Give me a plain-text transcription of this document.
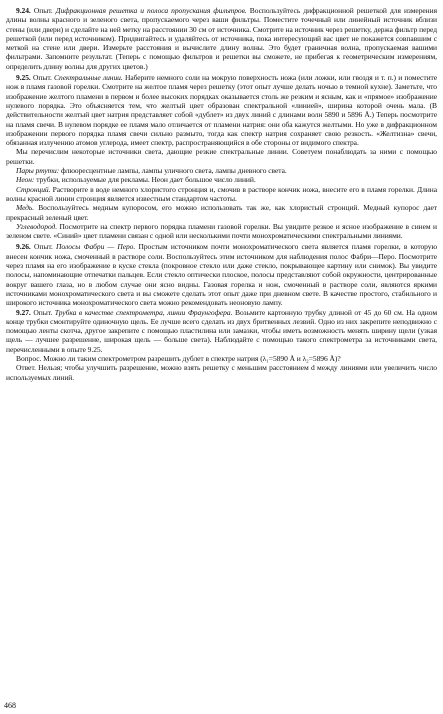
9.24. Опыт. Дифракционная решетка и полоса пропускания фильтров. Воспользуйтесь дифракционной решеткой для измерения длины волны красного и зеленого света, пропускаемого через ваши фильтры. Поместите точечный или линейный источник вблизи стены (или двери) и сделайте на ней метку на расстоянии 30 см от источника. Смотрите на источник через решетку, держа фильтр перед решеткой (или перед источником). Придвигайтесь и удаляйтесь от источника, пока интересующий вас цвет не покажется совпавшим с меткой на стене или двери. Измерьте расстояния и вычислите длину волны. Это будет граничная волна, пропускаемая вашими фильтрами. Запомните результат. (Теперь с помощью фильтров и решетки вы сможете, не прибегая к геометрическим измерениям, определить длину волны для других цветов.)

9.25. Опыт. Спектральные линии. Наберите немного соли на мокрую поверхность ножа (или ложки, или гвоздя и т. п.) и поместите нож в пламя газовой горелки. Смотрите на желтое пламя через решетку (этот опыт лучше делать ночью в темной кухне). Заметьте, что изображение желтого пламени в первом и более высоких порядках оказывается столь же резким и ясным, как и «прямое» изображение нулевого порядка. Это объясняется тем, что желтый цвет образован спектральной «линией», ширина которой очень мала. (В действительности желтый цвет натрия представляет собой «дублет» из двух линий с длинами волн 5890 и 5896 Å.) Теперь посмотрите на пламя свечи. В нулевом порядке ее пламя мало отличается от пламени натрия: они оба кажутся желтыми. Но уже в дифракционном изображении первого порядка пламя свечи сильно размыто, тогда как спектр натрия сохраняет свою резкость. «Желтизна» свечи, обязанная излучению атомов углерода, имеет спектр, распространяющийся в обе стороны от видимого спектра.

Мы перечислим некоторые источники света, дающие резкие спектральные линии. Советуем понаблюдать за ними с помощью решетки.

Пары ртути: флюоресцентные лампы, лампы уличного света, лампы дневного света.

Неон: трубки, используемые для рекламы. Неон дает большое число линий.

Стронций. Растворите в воде немного хлористого стронция и, смочив в растворе кончик ножа, внесите его в пламя горелки. Длина волны красной линии стронция является известным стандартом частоты.

Медь. Воспользуйтесь медным купоросом, его можно использовать так же, как хлористый стронций. Медный купорос дает прекрасный зеленый цвет.

Углеводород. Посмотрите на спектр первого порядка пламени газовой горелки. Вы увидите резкое и ясное изображение в синем и зеленом свете. «Синий» цвет пламени связан с одной или несколькими почти монохроматическими спектральными линиями.

9.26. Опыт. Полосы Фабри — Перо. Простым источником почти монохроматического света является пламя горелки, в которую внесен кончик ножа, смоченный в растворе соли. Воспользуйтесь этим источником для наблюдения полос Фабри—Перо. Посмотрите через пламя на его изображение в куске стекла (покровное стекло или даже стекло, покрывающее картину или снимок). Вы увидите полосы, напоминающие отпечатки пальцев. Если стекло оптически плоское, полосы представляют собой окружности, центрированные вокруг вашего глаза, но в любом случае они ясно видны. Газовая горелка и нож, смоченный в растворе соли, являются яркими источниками монохроматического света и вы сможете сделать этот опыт даже при дневном свете. В качестве простого, стабильного и широкого источника монохроматического света можно рекомендовать неоновую лампу.

9.27. Опыт. Трубка в качестве спектрометра, линии Фраунгофера. Возьмите картонную трубку длиной от 45 до 60 см. На одном конце трубки смонтируйте одиночную щель. Ее лучше всего сделать из двух бритвенных лезвий. Одно из них закрепите неподвижно с помощью ленты скотча, другое закрепите с помощью пластилина или замазки, чтобы иметь возможность менять ширину щели (узкая щель — лучшее разрешение, широкая щель — больше света). Наблюдайте с помощью такого спектрометра за источниками света, перечисленными в опыте 9.25.

Вопрос. Можно ли таким спектрометром разрешить дублет в спектре натрия (λ₁=5890 Å и λ₂=5896 Å)?

Ответ. Нельзя; чтобы улучшить разрешение, можно взять решетку с меньшим расстоянием d между линиями или увеличить число используемых линий.

468
